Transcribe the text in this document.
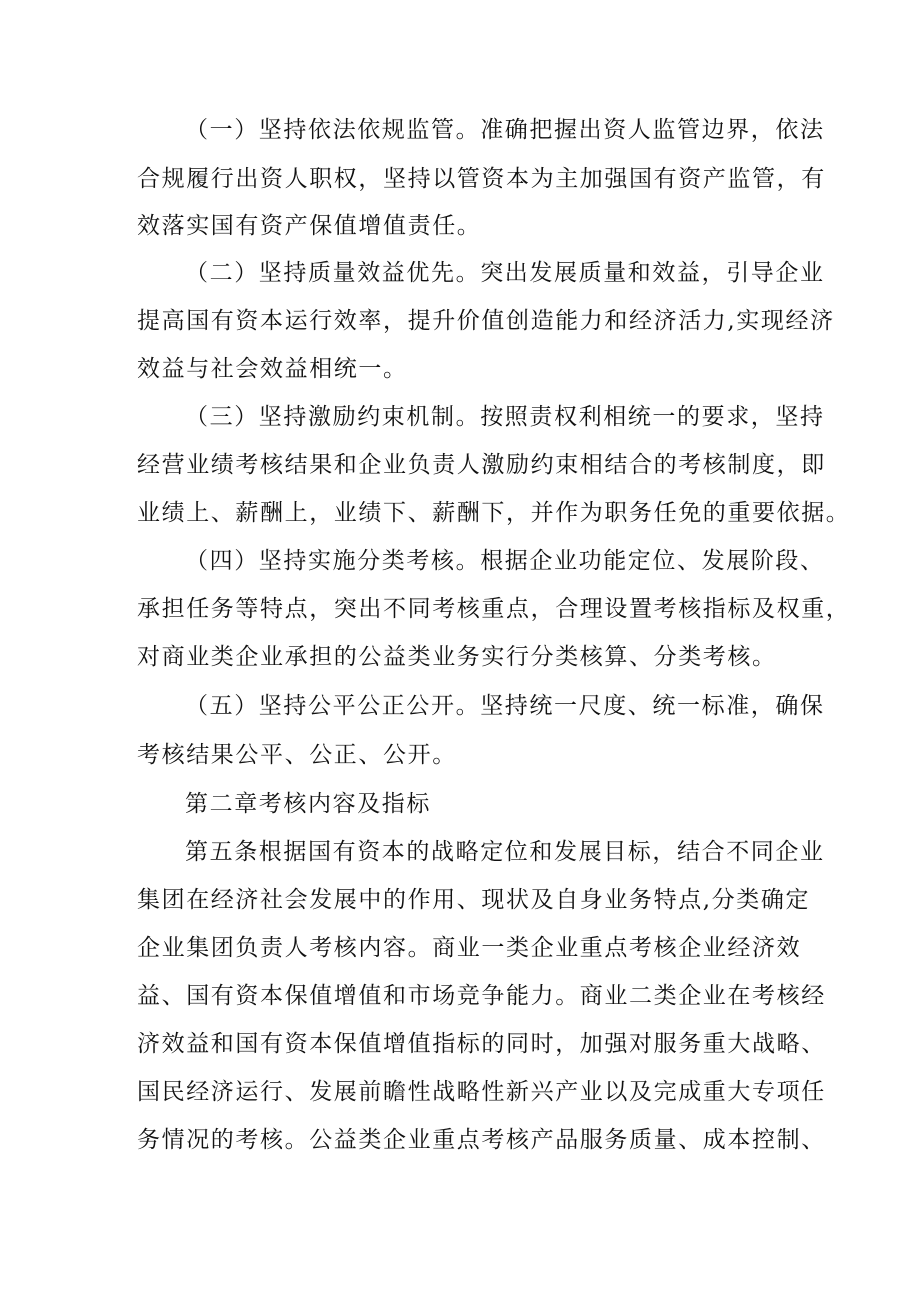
（一）坚持依法依规监管。准确把握出资人监管边界，依法
合规履行出资人职权，坚持以管资本为主加强国有资产监管，有
效落实国有资产保值增值责任。
（二）坚持质量效益优先。突出发展质量和效益，引导企业
提高国有资本运行效率，提升价值创造能力和经济活力,实现经济
效益与社会效益相统一。
（三）坚持激励约束机制。按照责权利相统一的要求，坚持
经营业绩考核结果和企业负责人激励约束相结合的考核制度，即
业绩上、薪酬上，业绩下、薪酬下，并作为职务任免的重要依据。
（四）坚持实施分类考核。根据企业功能定位、发展阶段、
承担任务等特点，突出不同考核重点，合理设置考核指标及权重，
对商业类企业承担的公益类业务实行分类核算、分类考核。
（五）坚持公平公正公开。坚持统一尺度、统一标准，确保
考核结果公平、公正、公开。
第二章考核内容及指标
第五条根据国有资本的战略定位和发展目标，结合不同企业
集团在经济社会发展中的作用、现状及自身业务特点,分类确定
企业集团负责人考核内容。商业一类企业重点考核企业经济效
益、国有资本保值增值和市场竞争能力。商业二类企业在考核经
济效益和国有资本保值增值指标的同时，加强对服务重大战略、
国民经济运行、发展前瞻性战略性新兴产业以及完成重大专项任
务情况的考核。公益类企业重点考核产品服务质量、成本控制、
